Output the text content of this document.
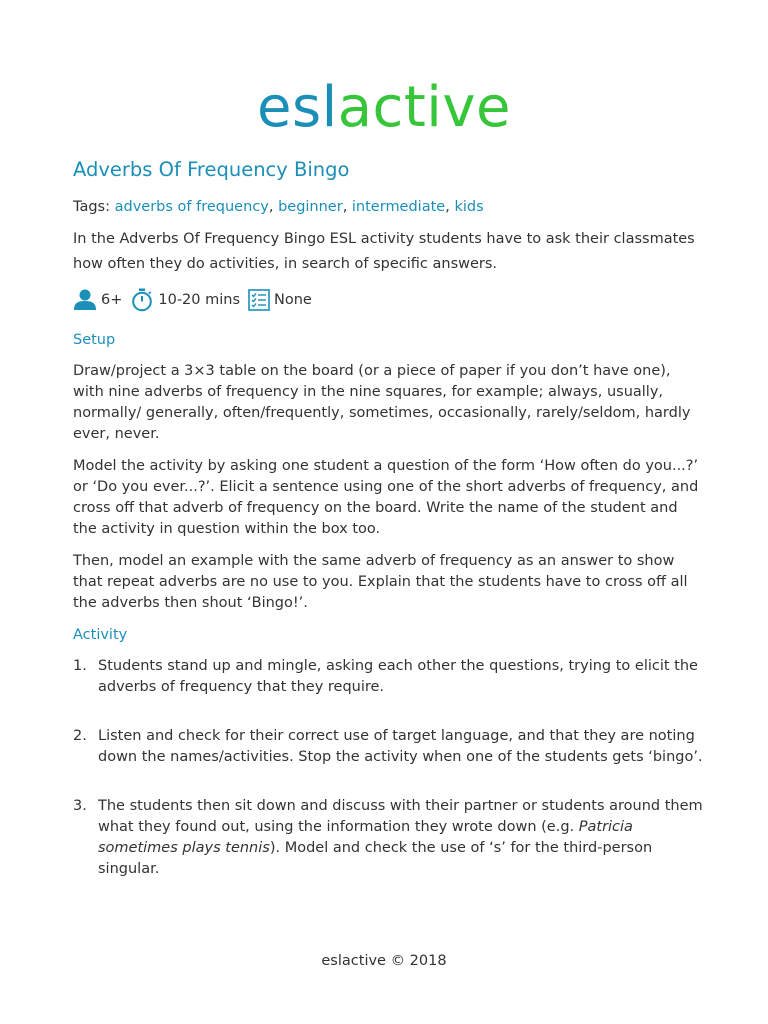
eslactive
Adverbs Of Frequency Bingo
Tags: adverbs of frequency, beginner, intermediate, kids

In the Adverbs Of Frequency Bingo ESL activity students have to ask their classmates how often they do activities, in search of specific answers.

6+ 10-20 mins None
Setup

Draw/project a 3×3 table on the board (or a piece of paper if you don’t have one), with nine adverbs of frequency in the nine squares, for example; always, usually, normally/ generally, often/frequently, sometimes, occasionally, rarely/seldom, hardly ever, never.

Model the activity by asking one student a question of the form ‘How often do you...?’ or ‘Do you ever...?’. Elicit a sentence using one of the short adverbs of frequency, and cross off that adverb of frequency on the board. Write the name of the student and the activity in question within the box too.

Then, model an example with the same adverb of frequency as an answer to show that repeat adverbs are no use to you. Explain that the students have to cross off all the adverbs then shout ‘Bingo!’.

Activity
1. Students stand up and mingle, asking each other the questions, trying to elicit the adverbs of frequency that they require.
2. Listen and check for their correct use of target language, and that they are noting down the names/activities. Stop the activity when one of the students gets ‘bingo’.
3. The students then sit down and discuss with their partner or students around them what they found out, using the information they wrote down (e.g. Patricia sometimes plays tennis). Model and check the use of ‘s’ for the third-person singular.
eslactive © 2018
